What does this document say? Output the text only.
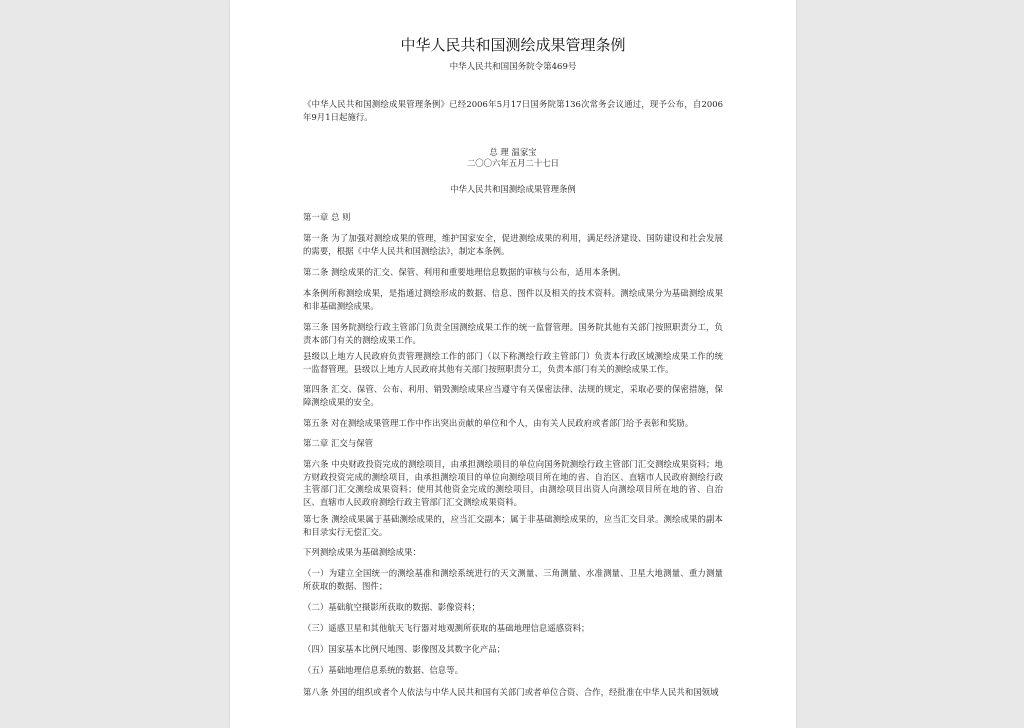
中华人民共和国测绘成果管理条例
中华人民共和国国务院令第469号
《中华人民共和国测绘成果管理条例》已经2006年5月17日国务院第136次常务会议通过，现予公布，自2006年9月1日起施行。
总 理 温家宝
二〇〇六年五月二十七日
中华人民共和国测绘成果管理条例
第一章 总 则
第一条 为了加强对测绘成果的管理，维护国家安全，促进测绘成果的利用，满足经济建设、国防建设和社会发展的需要，根据《中华人民共和国测绘法》，制定本条例。
第二条 测绘成果的汇交、保管、利用和重要地理信息数据的审核与公布，适用本条例。
本条例所称测绘成果，是指通过测绘形成的数据、信息、图件以及相关的技术资料。测绘成果分为基础测绘成果和非基础测绘成果。
第三条 国务院测绘行政主管部门负责全国测绘成果工作的统一监督管理。国务院其他有关部门按照职责分工，负责本部门有关的测绘成果工作。
县级以上地方人民政府负责管理测绘工作的部门（以下称测绘行政主管部门）负责本行政区域测绘成果工作的统一监督管理。县级以上地方人民政府其他有关部门按照职责分工，负责本部门有关的测绘成果工作。
第四条 汇交、保管、公布、利用、销毁测绘成果应当遵守有关保密法律、法规的规定，采取必要的保密措施，保障测绘成果的安全。
第五条 对在测绘成果管理工作中作出突出贡献的单位和个人，由有关人民政府或者部门给予表彰和奖励。
第二章 汇交与保管
第六条 中央财政投资完成的测绘项目，由承担测绘项目的单位向国务院测绘行政主管部门汇交测绘成果资料；地方财政投资完成的测绘项目，由承担测绘项目的单位向测绘项目所在地的省、自治区、直辖市人民政府测绘行政主管部门汇交测绘成果资料；使用其他资金完成的测绘项目，由测绘项目出资人向测绘项目所在地的省、自治区、直辖市人民政府测绘行政主管部门汇交测绘成果资料。
第七条 测绘成果属于基础测绘成果的，应当汇交副本；属于非基础测绘成果的，应当汇交目录。测绘成果的副本和目录实行无偿汇交。
下列测绘成果为基础测绘成果：
（一）为建立全国统一的测绘基准和测绘系统进行的天文测量、三角测量、水准测量、卫星大地测量、重力测量所获取的数据、图件；
（二）基础航空摄影所获取的数据、影像资料；
（三）遥感卫星和其他航天飞行器对地观测所获取的基础地理信息遥感资料；
（四）国家基本比例尺地图、影像图及其数字化产品；
（五）基础地理信息系统的数据、信息等。
第八条 外国的组织或者个人依法与中华人民共和国有关部门或者单位合资、合作，经批准在中华人民共和国领域
